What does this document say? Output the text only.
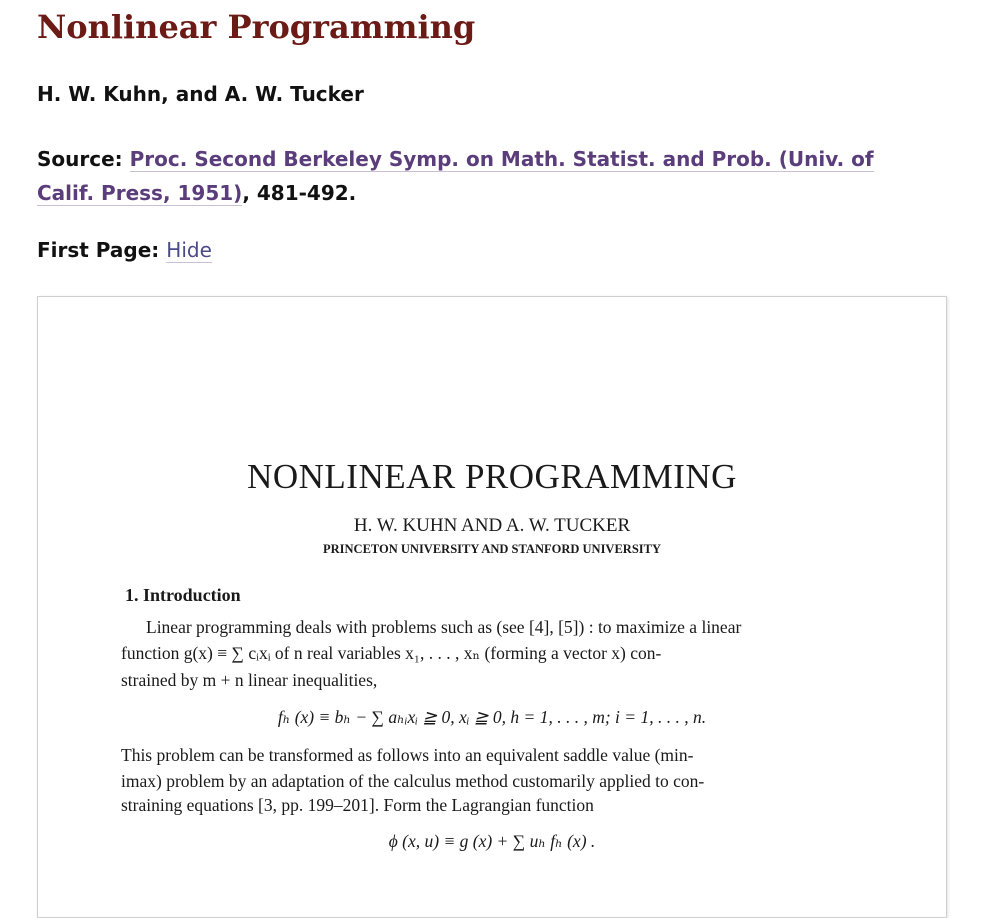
Nonlinear Programming
H. W. Kuhn, and A. W. Tucker
Source: Proc. Second Berkeley Symp. on Math. Statist. and Prob. (Univ. of Calif. Press, 1951), 481-492.
First Page: Hide
NONLINEAR PROGRAMMING
H. W. KUHN AND A. W. TUCKER
PRINCETON UNIVERSITY AND STANFORD UNIVERSITY
1. Introduction
Linear programming deals with problems such as (see [4], [5]) : to maximize a linear
function g(x) ≡ ∑ cᵢxᵢ of n real variables x₁, . . . , xₙ (forming a vector x) con-
strained by m + n linear inequalities,
fₕ (x) ≡ bₕ − ∑ aₕᵢxᵢ ≧ 0, xᵢ ≧ 0, h = 1, . . . , m; i = 1, . . . , n.
This problem can be transformed as follows into an equivalent saddle value (min-
imax) problem by an adaptation of the calculus method customarily applied to con-
straining equations [3, pp. 199–201]. Form the Lagrangian function
ϕ (x, u) ≡ g (x) + ∑ uₕ fₕ (x) .
